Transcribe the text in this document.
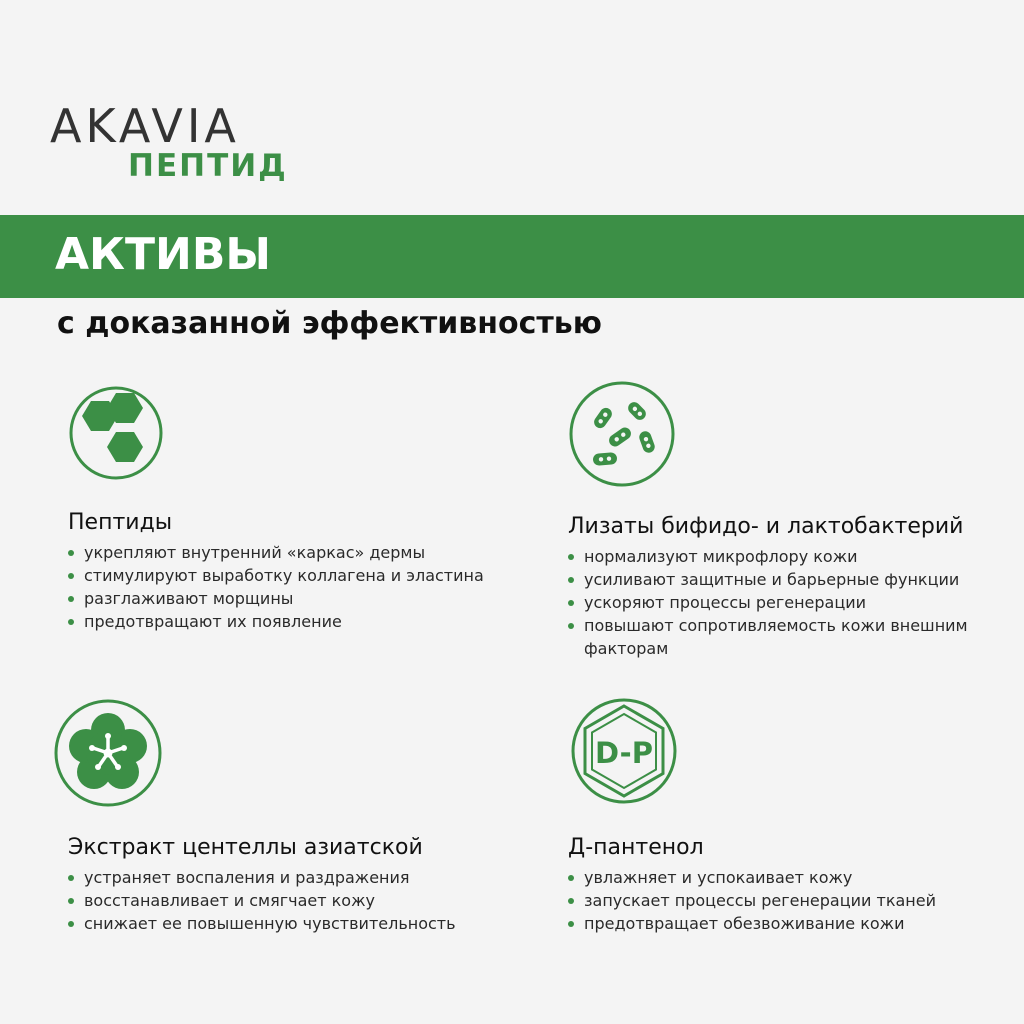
AKAVIA
ПЕПТИД
АКТИВЫ

с доказанной эффективностью

D-P
Пептиды
укрепляют внутренний «каркас» дермы
стимулируют выработку коллагена и эластина
разглаживают морщины
предотвращают их появление
Лизаты бифидо- и лактобактерий
нормализуют микрофлору кожи
усиливают защитные и барьерные функции
ускоряют процессы регенерации
повышают сопротивляемость кожи внешним факторам
Экстракт центеллы азиатской
устраняет воспаления и раздражения
восстанавливает и смягчает кожу
снижает ее повышенную чувствительность
Д-пантенол
увлажняет и успокаивает кожу
запускает процессы регенерации тканей
предотвращает обезвоживание кожи
